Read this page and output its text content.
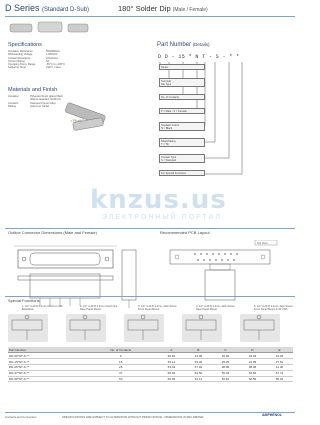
D Series (Standard D-Sub)	180° Solder Dip (Male / Female)
Specifications
Insulation Resistance	5000MΩmin.
Withstanding Voltage	1,000VAC
Contact Resistance	10mΩmax.
Current Rating	5A
Operating Temp. Range	-55°C to +105°C
Soldering Temp.	230°C / 3sec.
Materials and Finish
Insulation	Polyester Resin (glass filled) (Flame-retardant UL94V-0)
Contacts	Stamped Copper Alloy
Plating	Gold over Nickel
✓RoHS
Part Number (Details)
D D - 15 * N T - S - * *
Series
Terminal
Dip Type
No. of Contacts
P = Male ; S = Female
Insulator Colour
N = Black
Shell Plating
T = Tin
Contact Type
S = Stamped
For Special Functions
Outline Connector Dimensions (Male and Female)	Recommended PCB Layout
Top View
knzus.us
ЭЛЕКТРОННЫЙ ПОРТАЛ
Special Functions
1. 1/4" 4-40 R 3.2mm Clinch-in with Boardlock
2. 1/4" 4-40 R 3.2mm Clinch Nut, Rear Panel Mount
3. 1/4" 4-40 R 3.2mm Jack Screw Front Panel Mount
4. 1/4" 4-40 R 3.2mm Jack Screw Rear Panel Mount
5. 1/4" 4-40 R 3.2mm Jack Screw Front Panel Mount 4-40 UNC
Part Number	No. of Contacts	A	B	C	D	E
DD-09*NT-S-**	9	30.81	24.99	16.92	19.04	19.26
DD-15*NT-S-**	15	39.14	33.32	25.25	24.99	27.51
DD-25*NT-S-**	25	53.04	47.04	38.96	38.38	41.30
DD-37*NT-S-**	37	69.32	63.50	55.42	54.84	57.73
DD-50*NT-S-**	50	66.93	61.11	52.81	52.55	55.42
Contacts and Connectors	SPECIFICATIONS ARE SUBJECT TO ALTERATION WITHOUT PRIOR NOTICE - DIMENSIONS IN MILLIMETER	AMPHENOL
